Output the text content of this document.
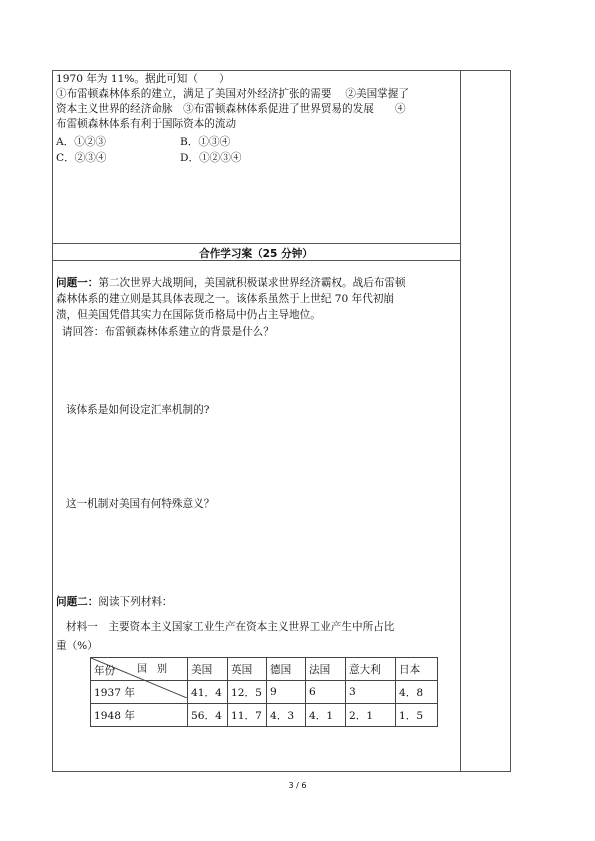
1970 年为 11%。据此可知（　　）
①布雷顿森林体系的建立，满足了美国对外经济扩张的需要　 ②美国掌握了
资本主义世界的经济命脉　③布雷顿森林体系促进了世界贸易的发展　　④
布雷顿森林体系有利于国际资本的流动
A．①②③	B．①③④
C．②③④	D．①②③④
合作学习案（25 分钟）
问题一：第二次世界大战期间，美国就积极谋求世界经济霸权。战后布雷顿
森林体系的建立则是其具体表现之一。该体系虽然于上世纪 70 年代初崩
溃，但美国凭借其实力在国际货币格局中仍占主导地位。
请回答：布雷顿森林体系建立的背景是什么？
该体系是如何设定汇率机制的?
这一机制对美国有何特殊意义？
问题二：阅读下列材料：
材料一　主要资本主义国家工业生产在资本主义世界工业产生中所占比
重（%）
国　别
年份	美国	英国	德国	法国	意大利	日本
1937 年	41．4	12．5	9	6	3	4．8
1948 年	56．4	11．7	4．3	4．1	2．1	1．5
3 / 6
